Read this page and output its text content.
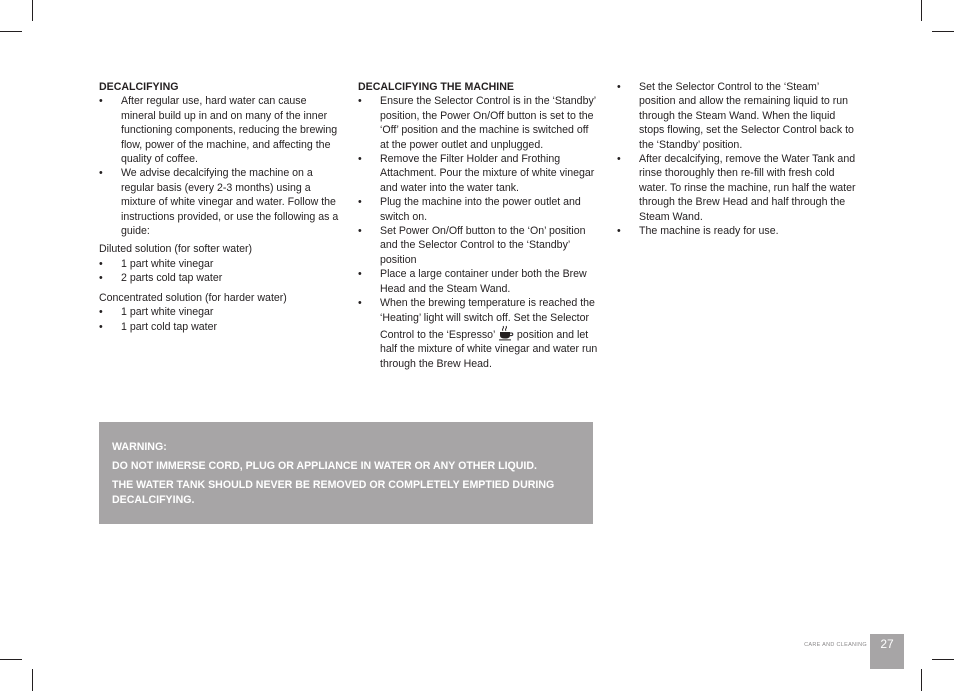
DECALCIFYING

• After regular use, hard water can cause mineral build up in and on many of the inner functioning components, reducing the brewing flow, power of the machine, and affecting the quality of coffee.
• We advise decalcifying the machine on a regular basis (every 2-3 months) using a mixture of white vinegar and water. Follow the instructions provided, or use the following as a guide:

Diluted solution (for softer water)

• 1 part white vinegar
• 2 parts cold tap water

Concentrated solution (for harder water)

• 1 part white vinegar
• 1 part cold tap water

DECALCIFYING THE MACHINE

• Ensure the Selector Control is in the ‘Standby’ position, the Power On/Off button is set to the ‘Off’ position and the machine is switched off at the power outlet and unplugged.
• Remove the Filter Holder and Frothing Attachment. Pour the mixture of white vinegar and water into the water tank.
• Plug the machine into the power outlet and switch on.
• Set Power On/Off button to the ‘On’ position and the Selector Control to the ‘Standby’ position
• Place a large container under both the Brew Head and the Steam Wand.
• When the brewing temperature is reached the ‘Heating’ light will switch off. Set the Selector Control to the ‘Espresso’  position and let half the mixture of white vinegar and water run through the Brew Head.
• Set the Selector Control to the ‘Steam’ position and allow the remaining liquid to run through the Steam Wand. When the liquid stops flowing, set the Selector Control back to the ‘Standby’ position.
• After decalcifying, remove the Water Tank and rinse thoroughly then re-fill with fresh cold water. To rinse the machine, run half the water through the Brew Head and half through the Steam Wand.
• The machine is ready for use.

WARNING:

DO NOT IMMERSE CORD, PLUG OR APPLIANCE IN WATER OR ANY OTHER LIQUID.

THE WATER TANK SHOULD NEVER BE REMOVED OR COMPLETELY EMPTIED DURING DECALCIFYING.

CARE AND CLEANING	27
